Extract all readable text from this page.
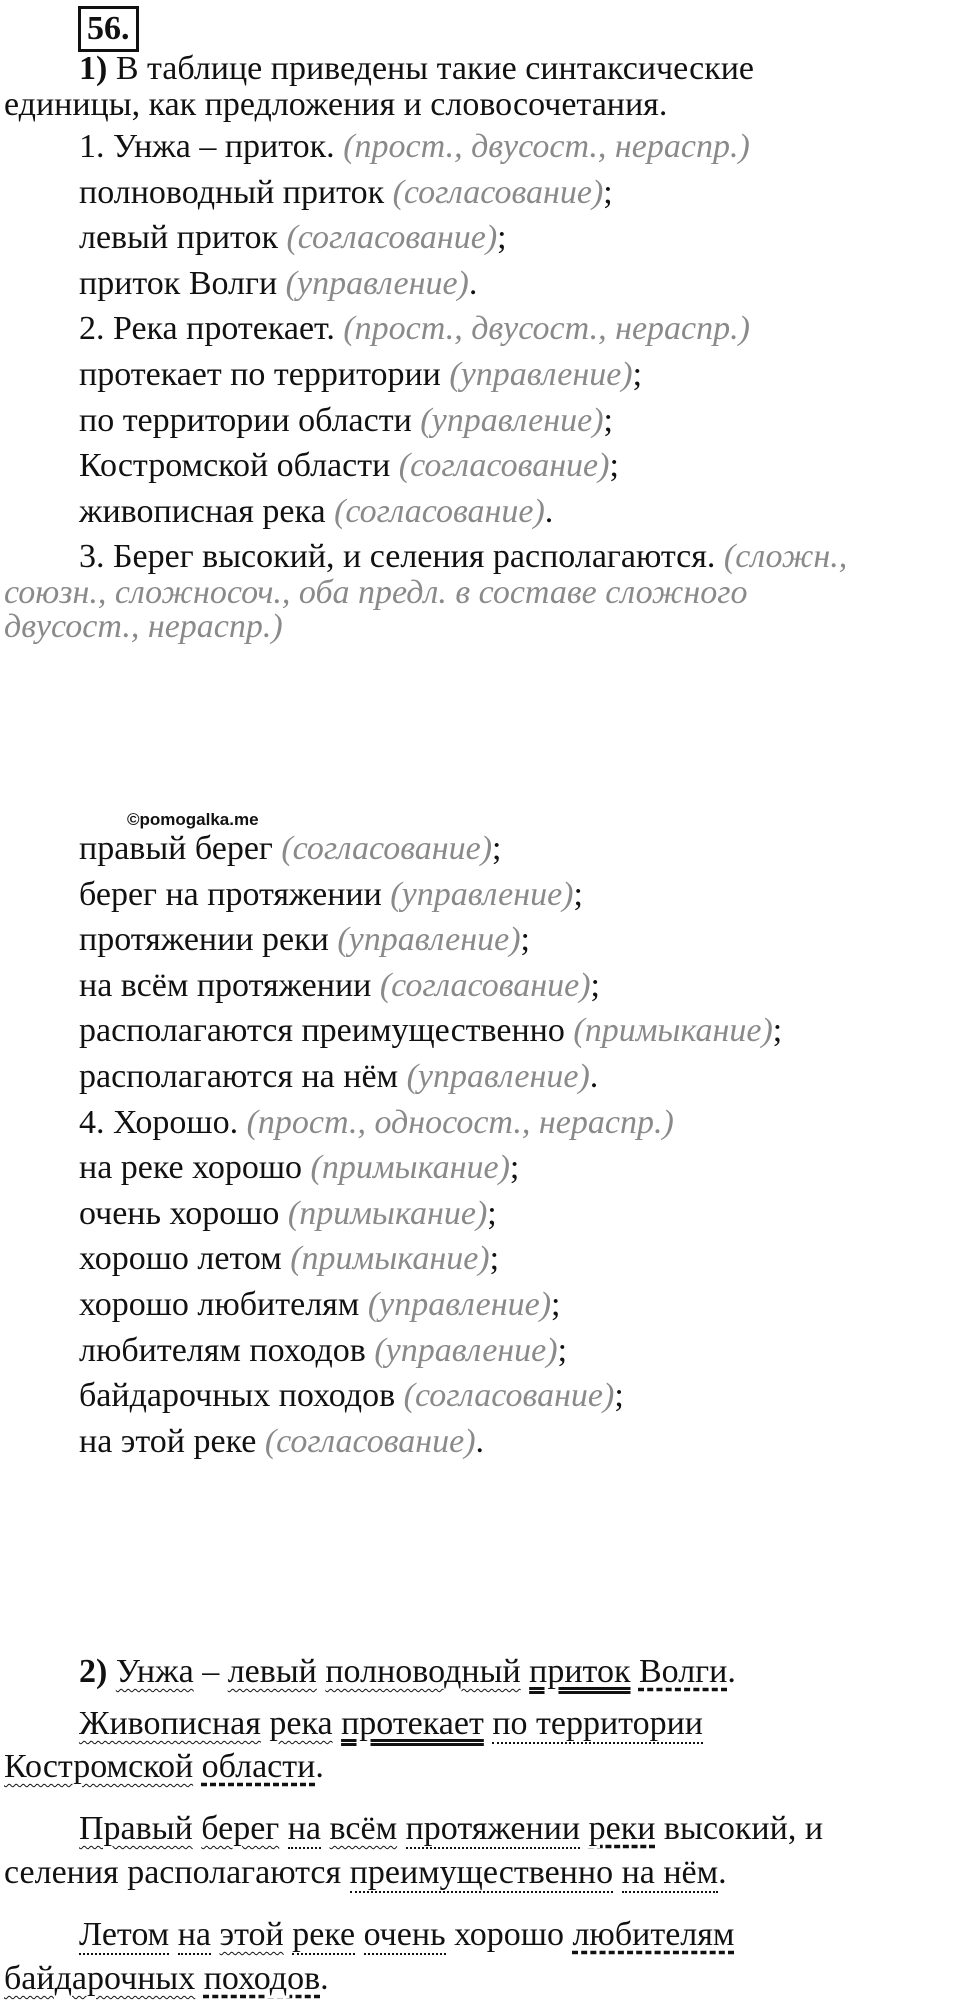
56.
1) В таблице приведены такие синтаксические
единицы, как предложения и словосочетания.
1. Унжа – приток. (прост., двусост., нераспр.)
полноводный приток (согласование);
левый приток (согласование);
приток Волги (управление).
2. Река протекает. (прост., двусост., нераспр.)
протекает по территории (управление);
по территории области (управление);
Костромской области (согласование);
живописная река (согласование).
3. Берег высокий, и селения располагаются. (сложн.,
союзн., сложносоч., оба предл. в составе сложного
двусост., нераспр.)
©pomogalka.me
правый берег (согласование);
берег на протяжении (управление);
протяжении реки (управление);
на всём протяжении (согласование);
располагаются преимущественно (примыкание);
располагаются на нём (управление).
4. Хорошо. (прост., односост., нераспр.)
на реке хорошо (примыкание);
очень хорошо (примыкание);
хорошо летом (примыкание);
хорошо любителям (управление);
любителям походов (управление);
байдарочных походов (согласование);
на этой реке (согласование).
2) Унжа – левый полноводный приток Волги.
Живописная река протекает по территории
Костромской области.
Правый берег на всём протяжении реки высокий, и
селения располагаются преимущественно на нём.
Летом на этой реке очень хорошо любителям
байдарочных походов.
